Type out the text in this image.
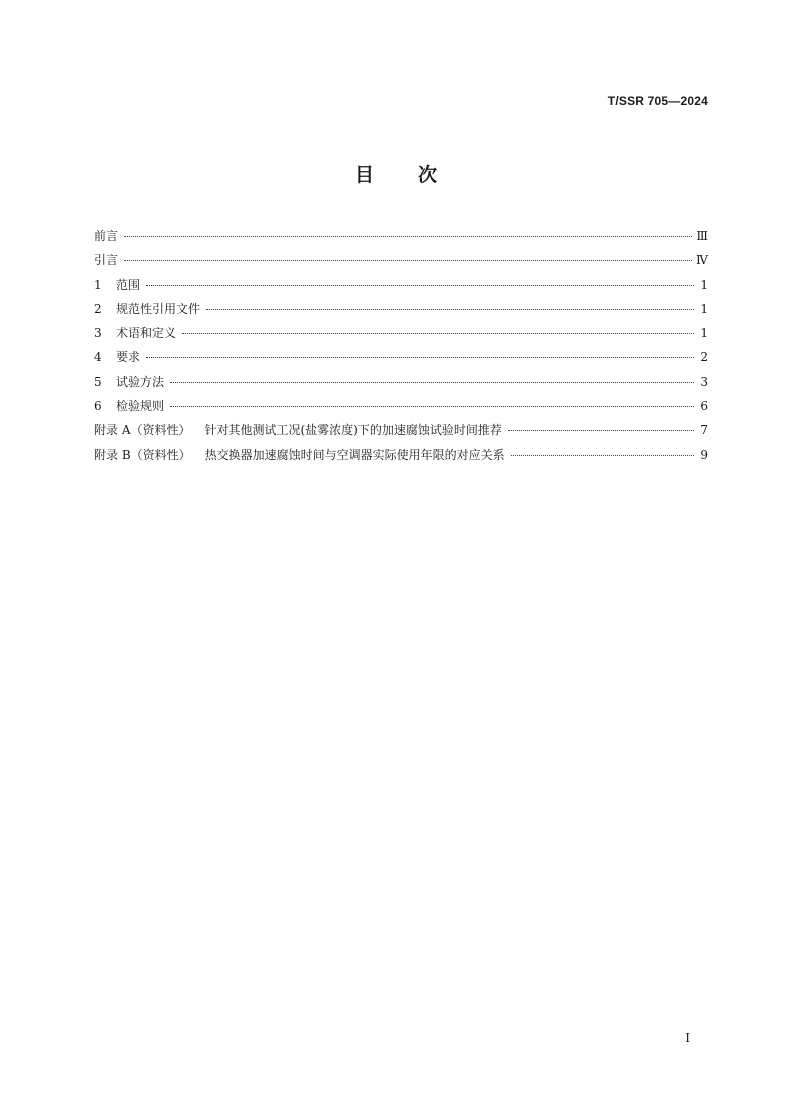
T/SSR 705—2024
目次
前言	Ⅲ
引言	Ⅳ
1 范围	1
2 规范性引用文件	1
3 术语和定义	1
4 要求	2
5 试验方法	3
6 检验规则	6
附录 A（资料性） 针对其他测试工况(盐雾浓度)下的加速腐蚀试验时间推荐	7
附录 B（资料性） 热交换器加速腐蚀时间与空调器实际使用年限的对应关系	9
I
